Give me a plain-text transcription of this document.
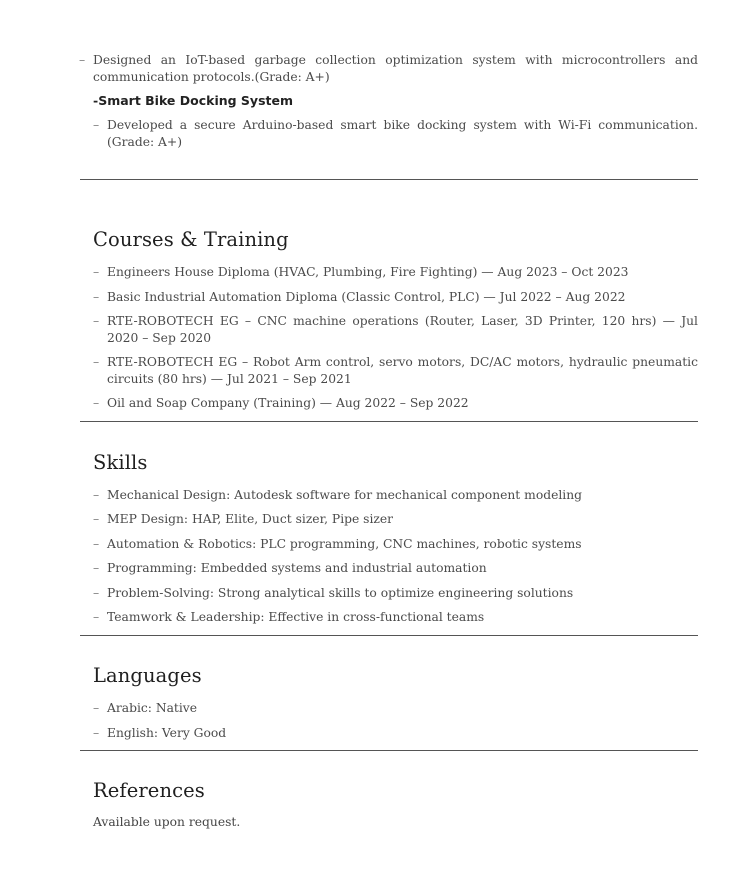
– Designed an IoT-based garbage collection optimization system with microcontrollers and communication protocols.(Grade: A+)
-Smart Bike Docking System
– Developed a secure Arduino-based smart bike docking system with Wi-Fi communication.(Grade: A+)
Courses & Training
– Engineers House Diploma (HVAC, Plumbing, Fire Fighting) — Aug 2023 – Oct 2023
– Basic Industrial Automation Diploma (Classic Control, PLC) — Jul 2022 – Aug 2022
– RTE-ROBOTECH EG – CNC machine operations (Router, Laser, 3D Printer, 120 hrs) — Jul 2020 – Sep 2020
– RTE-ROBOTECH EG – Robot Arm control, servo motors, DC/AC motors, hydraulic pneumatic circuits (80 hrs) — Jul 2021 – Sep 2021
– Oil and Soap Company (Training) — Aug 2022 – Sep 2022
Skills
– Mechanical Design: Autodesk software for mechanical component modeling
– MEP Design: HAP, Elite, Duct sizer, Pipe sizer
– Automation & Robotics: PLC programming, CNC machines, robotic systems
– Programming: Embedded systems and industrial automation
– Problem-Solving: Strong analytical skills to optimize engineering solutions
– Teamwork & Leadership: Effective in cross-functional teams
Languages
– Arabic: Native
– English: Very Good
References
Available upon request.
